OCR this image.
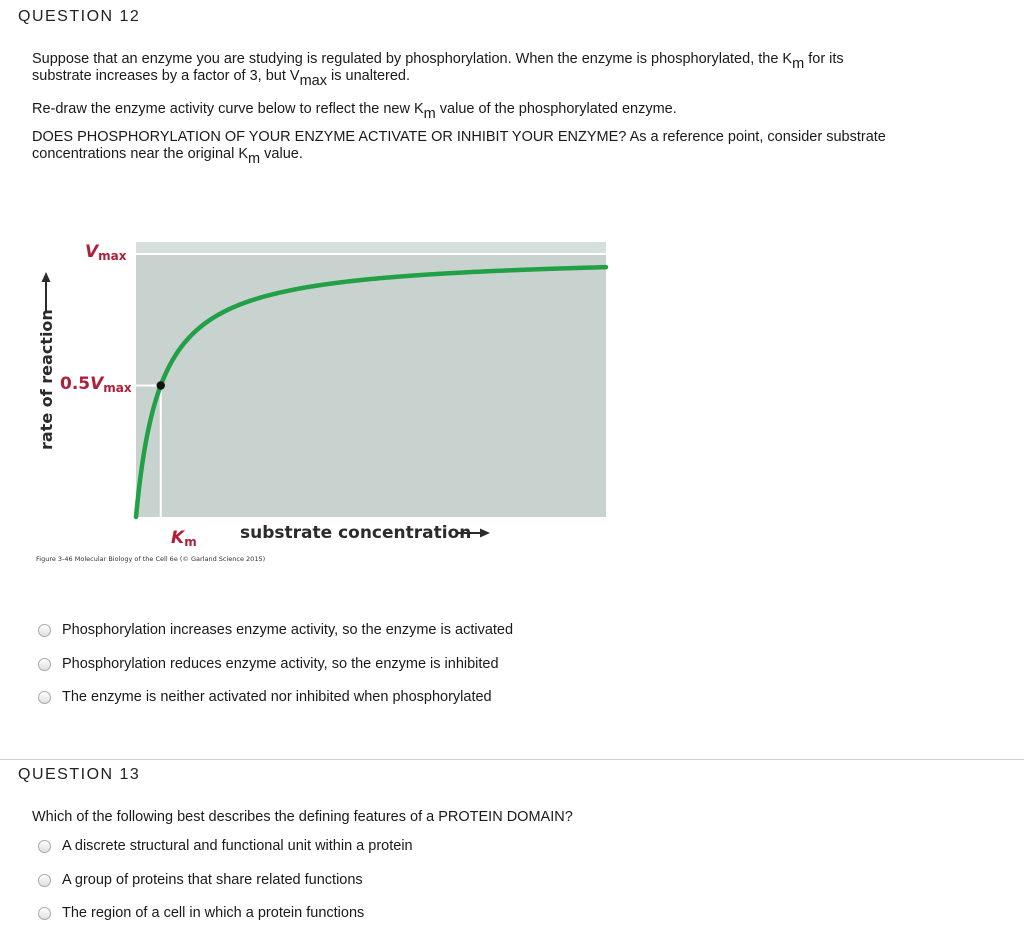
QUESTION 12
Suppose that an enzyme you are studying is regulated by phosphorylation. When the enzyme is phosphorylated, the $K_m$ for its
substrate increases by a factor of 3, but $V_{max}$ is unaltered.
Re-draw the enzyme activity curve below to reflect the new $K_m$ value of the phosphorylated enzyme.
DOES PHOSPHORYLATION OF YOUR ENZYME ACTIVATE OR INHIBIT YOUR ENZYME? As a reference point, consider substrate
concentrations near the original $K_m$ value.
rate of reaction
Vmax
0.5Vmax
Km	substrate concentration
Figure 3-46 Molecular Biology of the Cell 6e (© Garland Science 2015)
Phosphorylation increases enzyme activity, so the enzyme is activated
Phosphorylation reduces enzyme activity, so the enzyme is inhibited
The enzyme is neither activated nor inhibited when phosphorylated
QUESTION 13
Which of the following best describes the defining features of a PROTEIN DOMAIN?
A discrete structural and functional unit within a protein
A group of proteins that share related functions
The region of a cell in which a protein functions
